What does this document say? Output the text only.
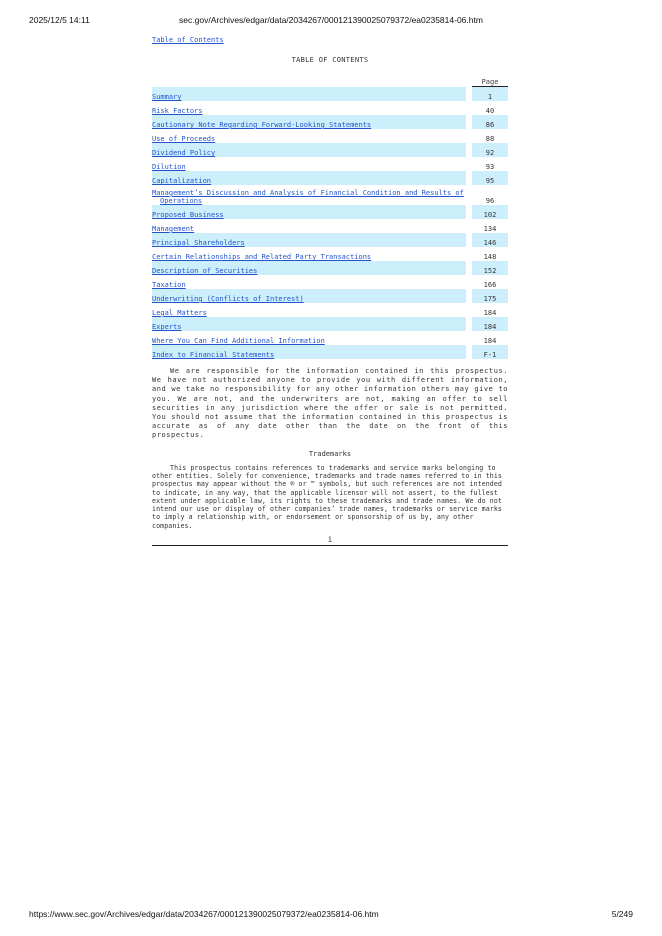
2025/12/5 14:11	sec.gov/Archives/edgar/data/2034267/000121390025079372/ea0235814-06.htm
Table of Contents
TABLE OF CONTENTS
		Page
Summary		1
Risk Factors		40
Cautionary Note Regarding Forward-Looking Statements		86
Use of Proceeds		88
Dividend Policy		92
Dilution		93
Capitalization		95
Management’s Discussion and Analysis of Financial Condition and Results of
Operations		96
Proposed Business		102
Management		134
Principal Shareholders		146
Certain Relationships and Related Party Transactions		148
Description of Securities		152
Taxation		166
Underwriting (Conflicts of Interest)		175
Legal Matters		184
Experts		184
Where You Can Find Additional Information		184
Index to Financial Statements		F-1
We are responsible for the information contained in this prospectus. We have not authorized anyone to provide you with different information, and we take no responsibility for any other information others may give to you. We are not, and the underwriters are not, making an offer to sell securities in any jurisdiction where the offer or sale is not permitted. You should not assume that the information contained in this prospectus is accurate as of any date other than the date on the front of this prospectus.
Trademarks
This prospectus contains references to trademarks and service marks belonging to other entities. Solely for convenience, trademarks and trade names referred to in this prospectus may appear without the ® or ™ symbols, but such references are not intended to indicate, in any way, that the applicable licensor will not assert, to the fullest extent under applicable law, its rights to these trademarks and trade names. We do not intend our use or display of other companies’ trade names, trademarks or service marks to imply a relationship with, or endorsement or sponsorship of us by, any other companies.
i
https://www.sec.gov/Archives/edgar/data/2034267/000121390025079372/ea0235814-06.htm	5/249
